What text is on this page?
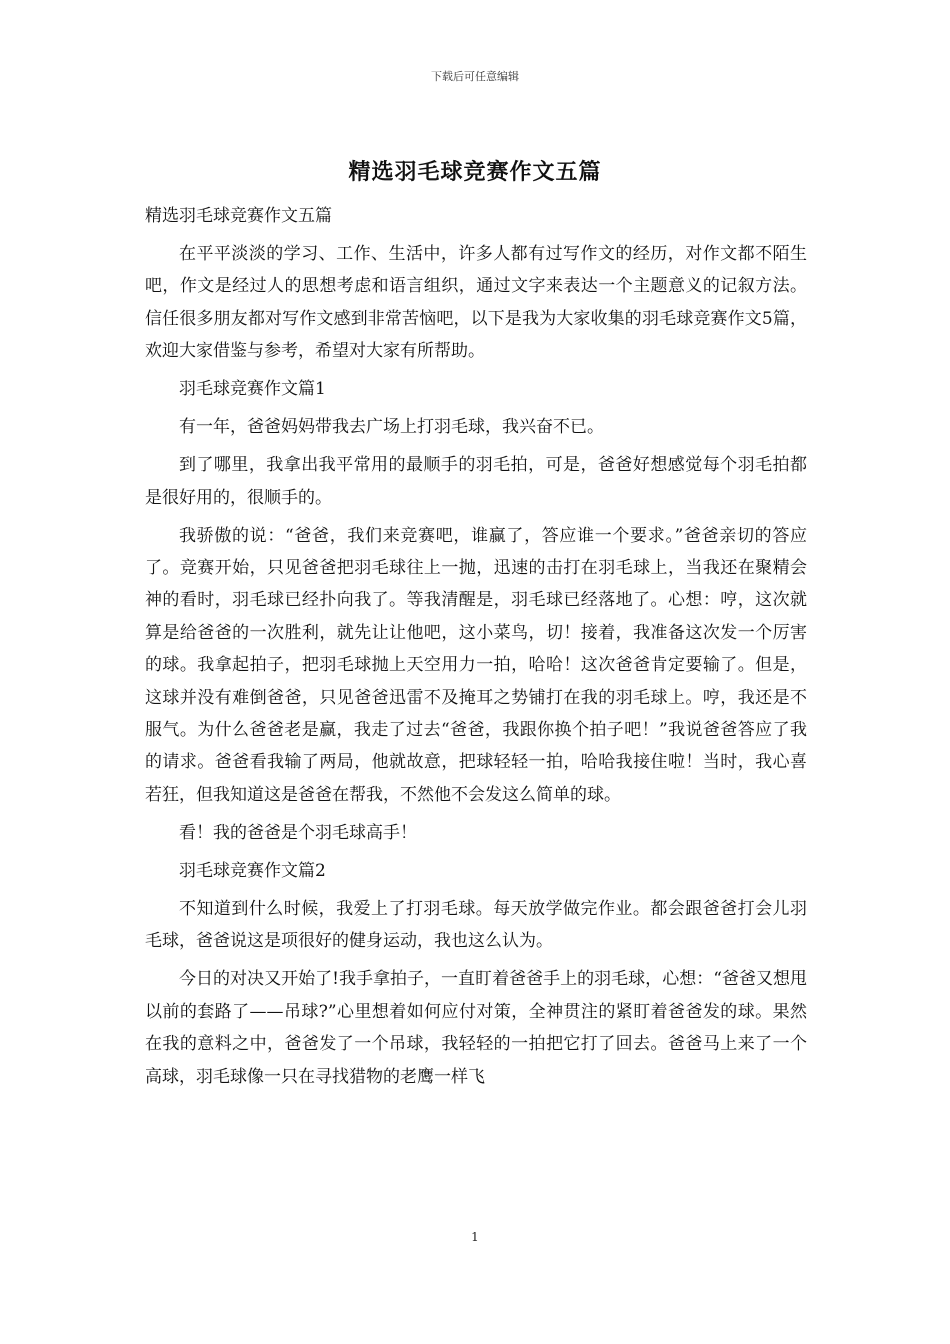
下载后可任意编辑
精选羽毛球竞赛作文五篇

精选羽毛球竞赛作文五篇

在平平淡淡的学习、工作、生活中，许多人都有过写作文的经历，对作文都不陌生吧，作文是经过人的思想考虑和语言组织，通过文字来表达一个主题意义的记叙方法。信任很多朋友都对写作文感到非常苦恼吧，以下是我为大家收集的羽毛球竞赛作文5篇，欢迎大家借鉴与参考，希望对大家有所帮助。

羽毛球竞赛作文篇1

有一年，爸爸妈妈带我去广场上打羽毛球，我兴奋不已。

到了哪里，我拿出我平常用的最顺手的羽毛拍，可是，爸爸好想感觉每个羽毛拍都是很好用的，很顺手的。

我骄傲的说：“爸爸，我们来竞赛吧，谁赢了，答应谁一个要求。”爸爸亲切的答应了。竞赛开始，只见爸爸把羽毛球往上一抛，迅速的击打在羽毛球上，当我还在聚精会神的看时，羽毛球已经扑向我了。等我清醒是，羽毛球已经落地了。心想：哼，这次就算是给爸爸的一次胜利，就先让让他吧，这小菜鸟，切！接着，我准备这次发一个厉害的球。我拿起拍子，把羽毛球抛上天空用力一拍，哈哈！这次爸爸肯定要输了。但是，这球并没有难倒爸爸，只见爸爸迅雷不及掩耳之势铺打在我的羽毛球上。哼，我还是不服气。为什么爸爸老是赢，我走了过去“爸爸，我跟你换个拍子吧！”我说爸爸答应了我的请求。爸爸看我输了两局，他就故意，把球轻轻一拍，哈哈我接住啦！当时，我心喜若狂，但我知道这是爸爸在帮我，不然他不会发这么简单的球。

看！我的爸爸是个羽毛球高手！

羽毛球竞赛作文篇2

不知道到什么时候，我爱上了打羽毛球。每天放学做完作业。都会跟爸爸打会儿羽毛球，爸爸说这是项很好的健身运动，我也这么认为。

今日的对决又开始了!我手拿拍子，一直盯着爸爸手上的羽毛球，心想：“爸爸又想甩以前的套路了——吊球?”心里想着如何应付对策，全神贯注的紧盯着爸爸发的球。果然在我的意料之中，爸爸发了一个吊球，我轻轻的一拍把它打了回去。爸爸马上来了一个高球，羽毛球像一只在寻找猎物的老鹰一样飞

1
